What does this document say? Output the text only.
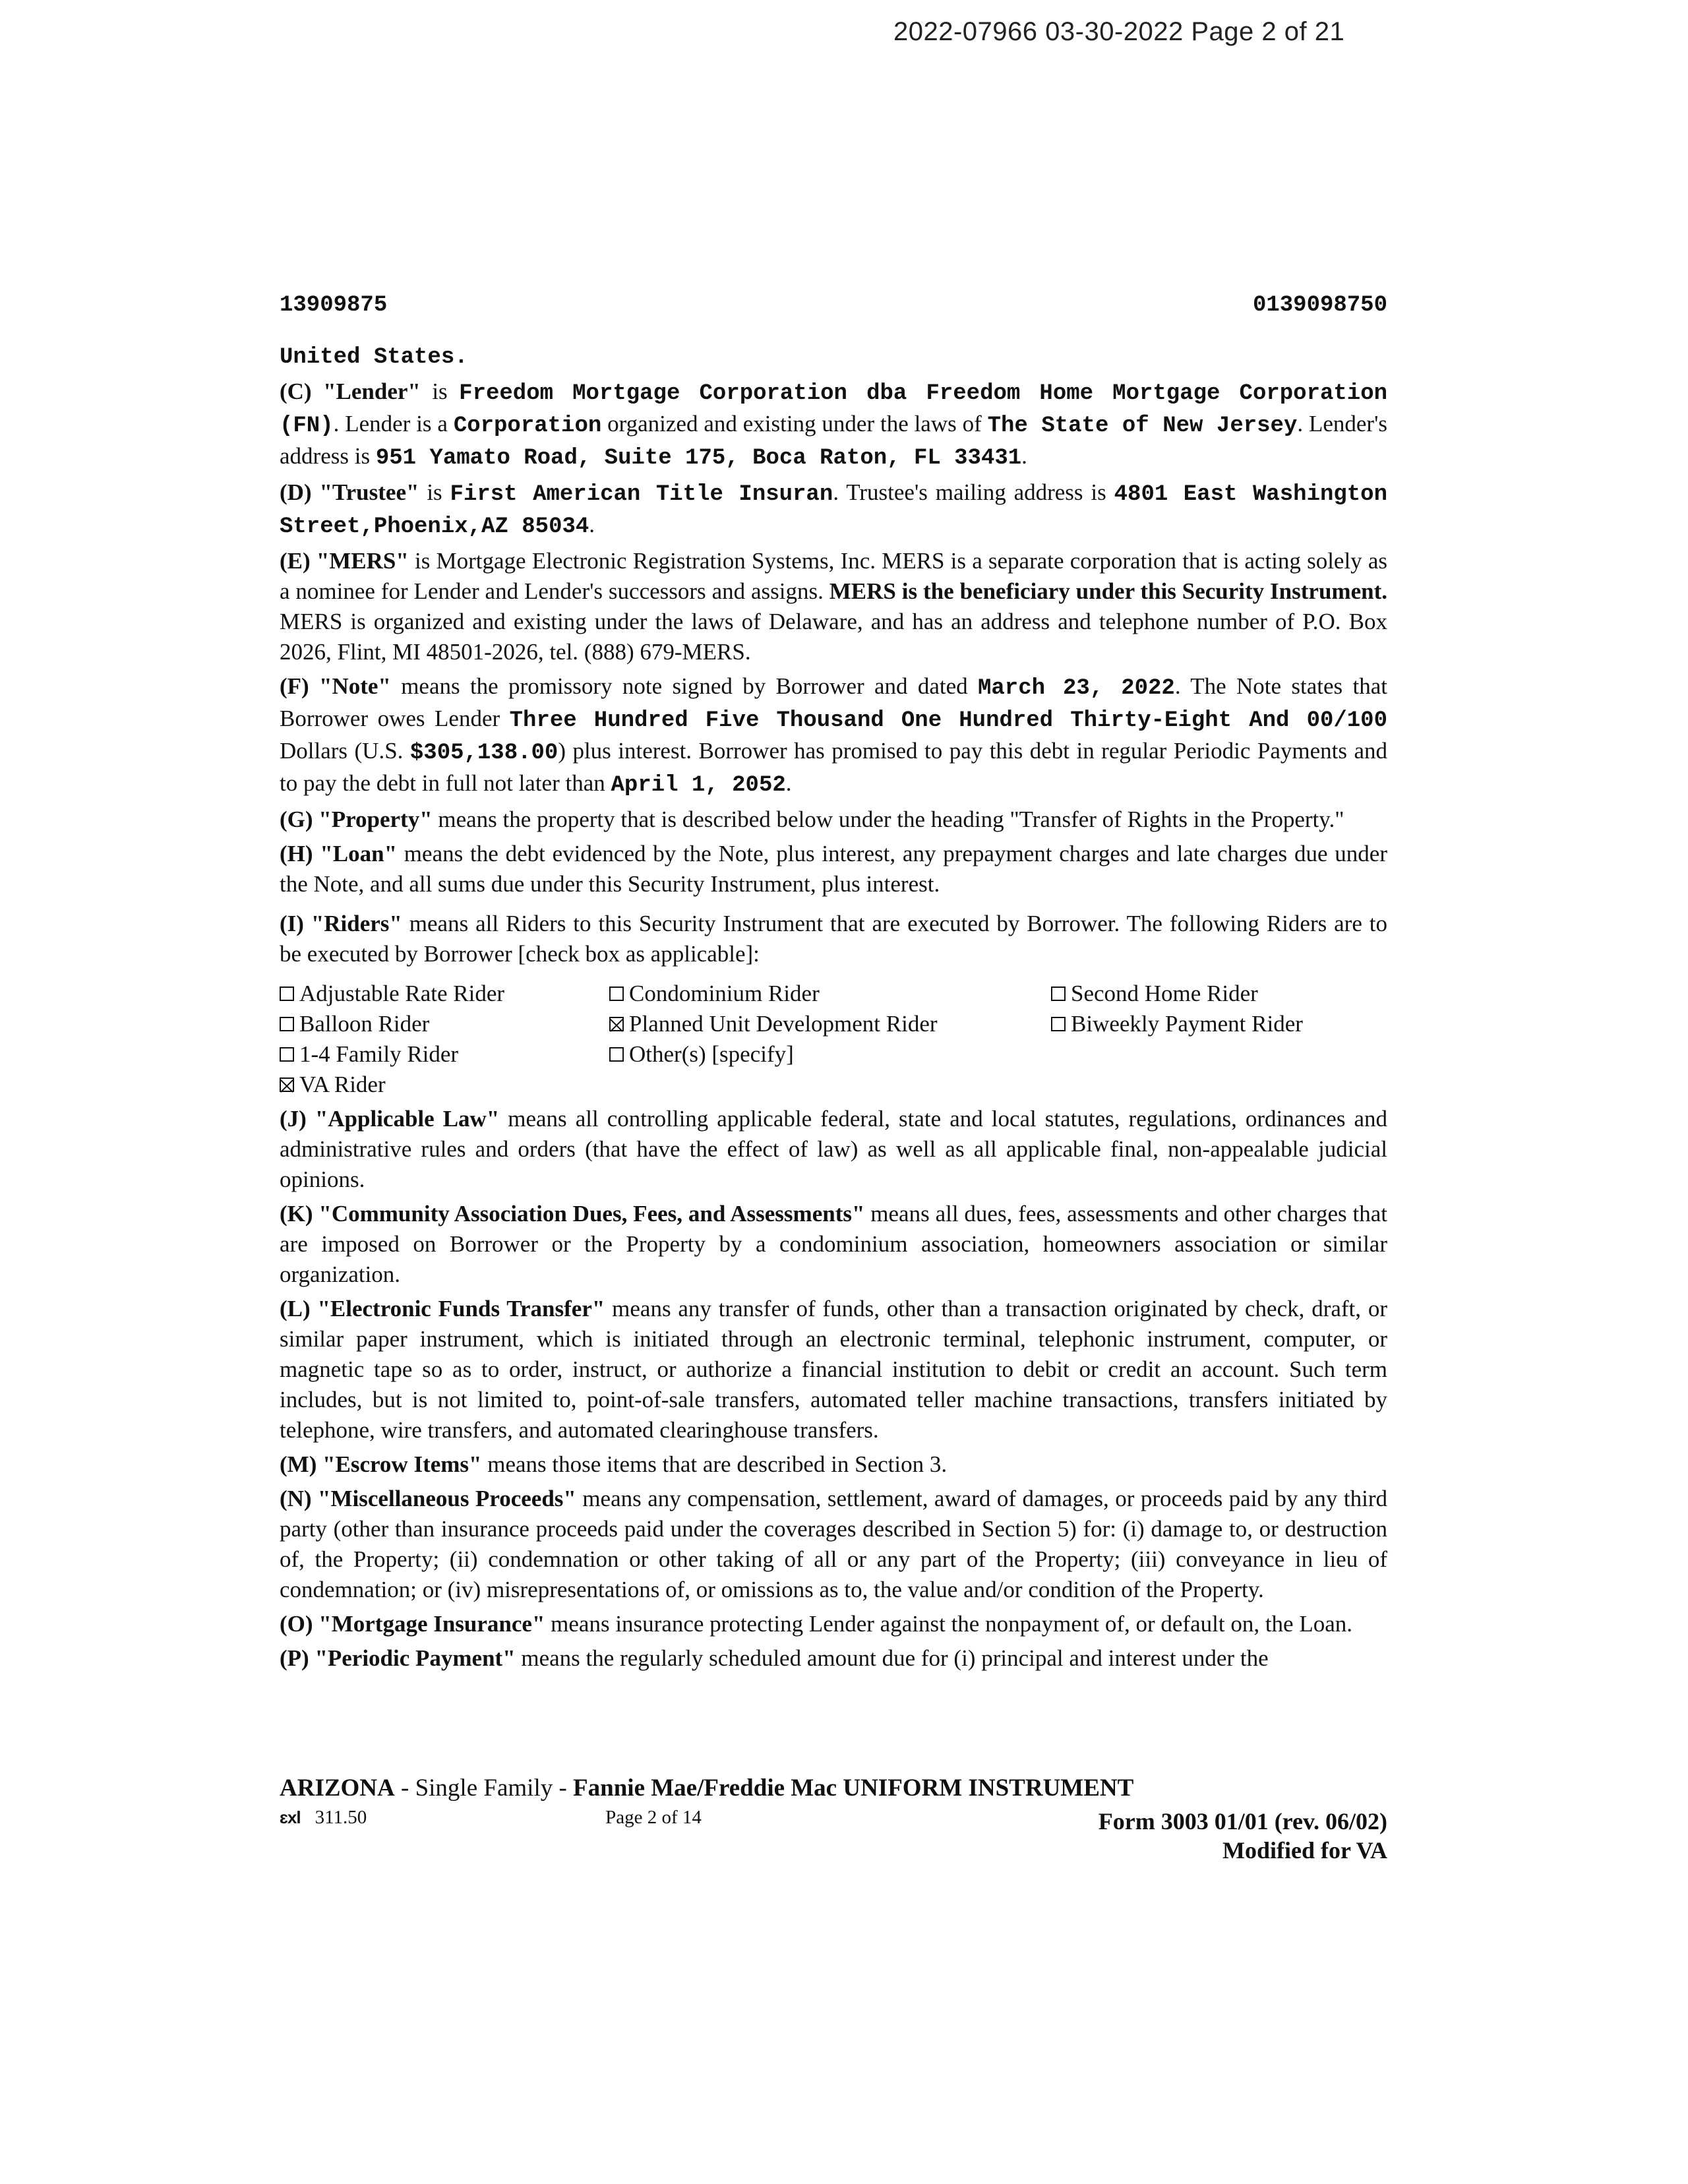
2022-07966 03-30-2022 Page 2 of 21
13909875	0139098750

United States.

(C) "Lender" is Freedom Mortgage Corporation dba Freedom Home Mortgage Corporation (FN). Lender is a Corporation organized and existing under the laws of The State of New Jersey. Lender's address is 951 Yamato Road, Suite 175, Boca Raton, FL 33431.

(D) "Trustee" is First American Title Insuran. Trustee's mailing address is 4801 East Washington Street,Phoenix,AZ 85034.

(E) "MERS" is Mortgage Electronic Registration Systems, Inc. MERS is a separate corporation that is acting solely as a nominee for Lender and Lender's successors and assigns. MERS is the beneficiary under this Security Instrument. MERS is organized and existing under the laws of Delaware, and has an address and telephone number of P.O. Box 2026, Flint, MI 48501-2026, tel. (888) 679-MERS.

(F) "Note" means the promissory note signed by Borrower and dated March 23, 2022. The Note states that Borrower owes Lender Three Hundred Five Thousand One Hundred Thirty-Eight And 00/100 Dollars (U.S. $305,138.00) plus interest. Borrower has promised to pay this debt in regular Periodic Payments and to pay the debt in full not later than April 1, 2052.

(G) "Property" means the property that is described below under the heading "Transfer of Rights in the Property."

(H) "Loan" means the debt evidenced by the Note, plus interest, any prepayment charges and late charges due under the Note, and all sums due under this Security Instrument, plus interest.

(I) "Riders" means all Riders to this Security Instrument that are executed by Borrower. The following Riders are to be executed by Borrower [check box as applicable]:

Adjustable Rate Rider	Condominium Rider	Second Home Rider
Balloon Rider	Planned Unit Development Rider	Biweekly Payment Rider
1-4 Family Rider	Other(s) [specify]
VA Rider

(J) "Applicable Law" means all controlling applicable federal, state and local statutes, regulations, ordinances and administrative rules and orders (that have the effect of law) as well as all applicable final, non-appealable judicial opinions.

(K) "Community Association Dues, Fees, and Assessments" means all dues, fees, assessments and other charges that are imposed on Borrower or the Property by a condominium association, homeowners association or similar organization.

(L) "Electronic Funds Transfer" means any transfer of funds, other than a transaction originated by check, draft, or similar paper instrument, which is initiated through an electronic terminal, telephonic instrument, computer, or magnetic tape so as to order, instruct, or authorize a financial institution to debit or credit an account. Such term includes, but is not limited to, point-of-sale transfers, automated teller machine transactions, transfers initiated by telephone, wire transfers, and automated clearinghouse transfers.

(M) "Escrow Items" means those items that are described in Section 3.

(N) "Miscellaneous Proceeds" means any compensation, settlement, award of damages, or proceeds paid by any third party (other than insurance proceeds paid under the coverages described in Section 5) for: (i) damage to, or destruction of, the Property; (ii) condemnation or other taking of all or any part of the Property; (iii) conveyance in lieu of condemnation; or (iv) misrepresentations of, or omissions as to, the value and/or condition of the Property.

(O) "Mortgage Insurance" means insurance protecting Lender against the nonpayment of, or default on, the Loan.

(P) "Periodic Payment" means the regularly scheduled amount due for (i) principal and interest under the

ARIZONA - Single Family - Fannie Mae/Freddie Mac UNIFORM INSTRUMENT
ɛxl 311.50	Page 2 of 14	Form 3003 01/01 (rev. 06/02)
Modified for VA
